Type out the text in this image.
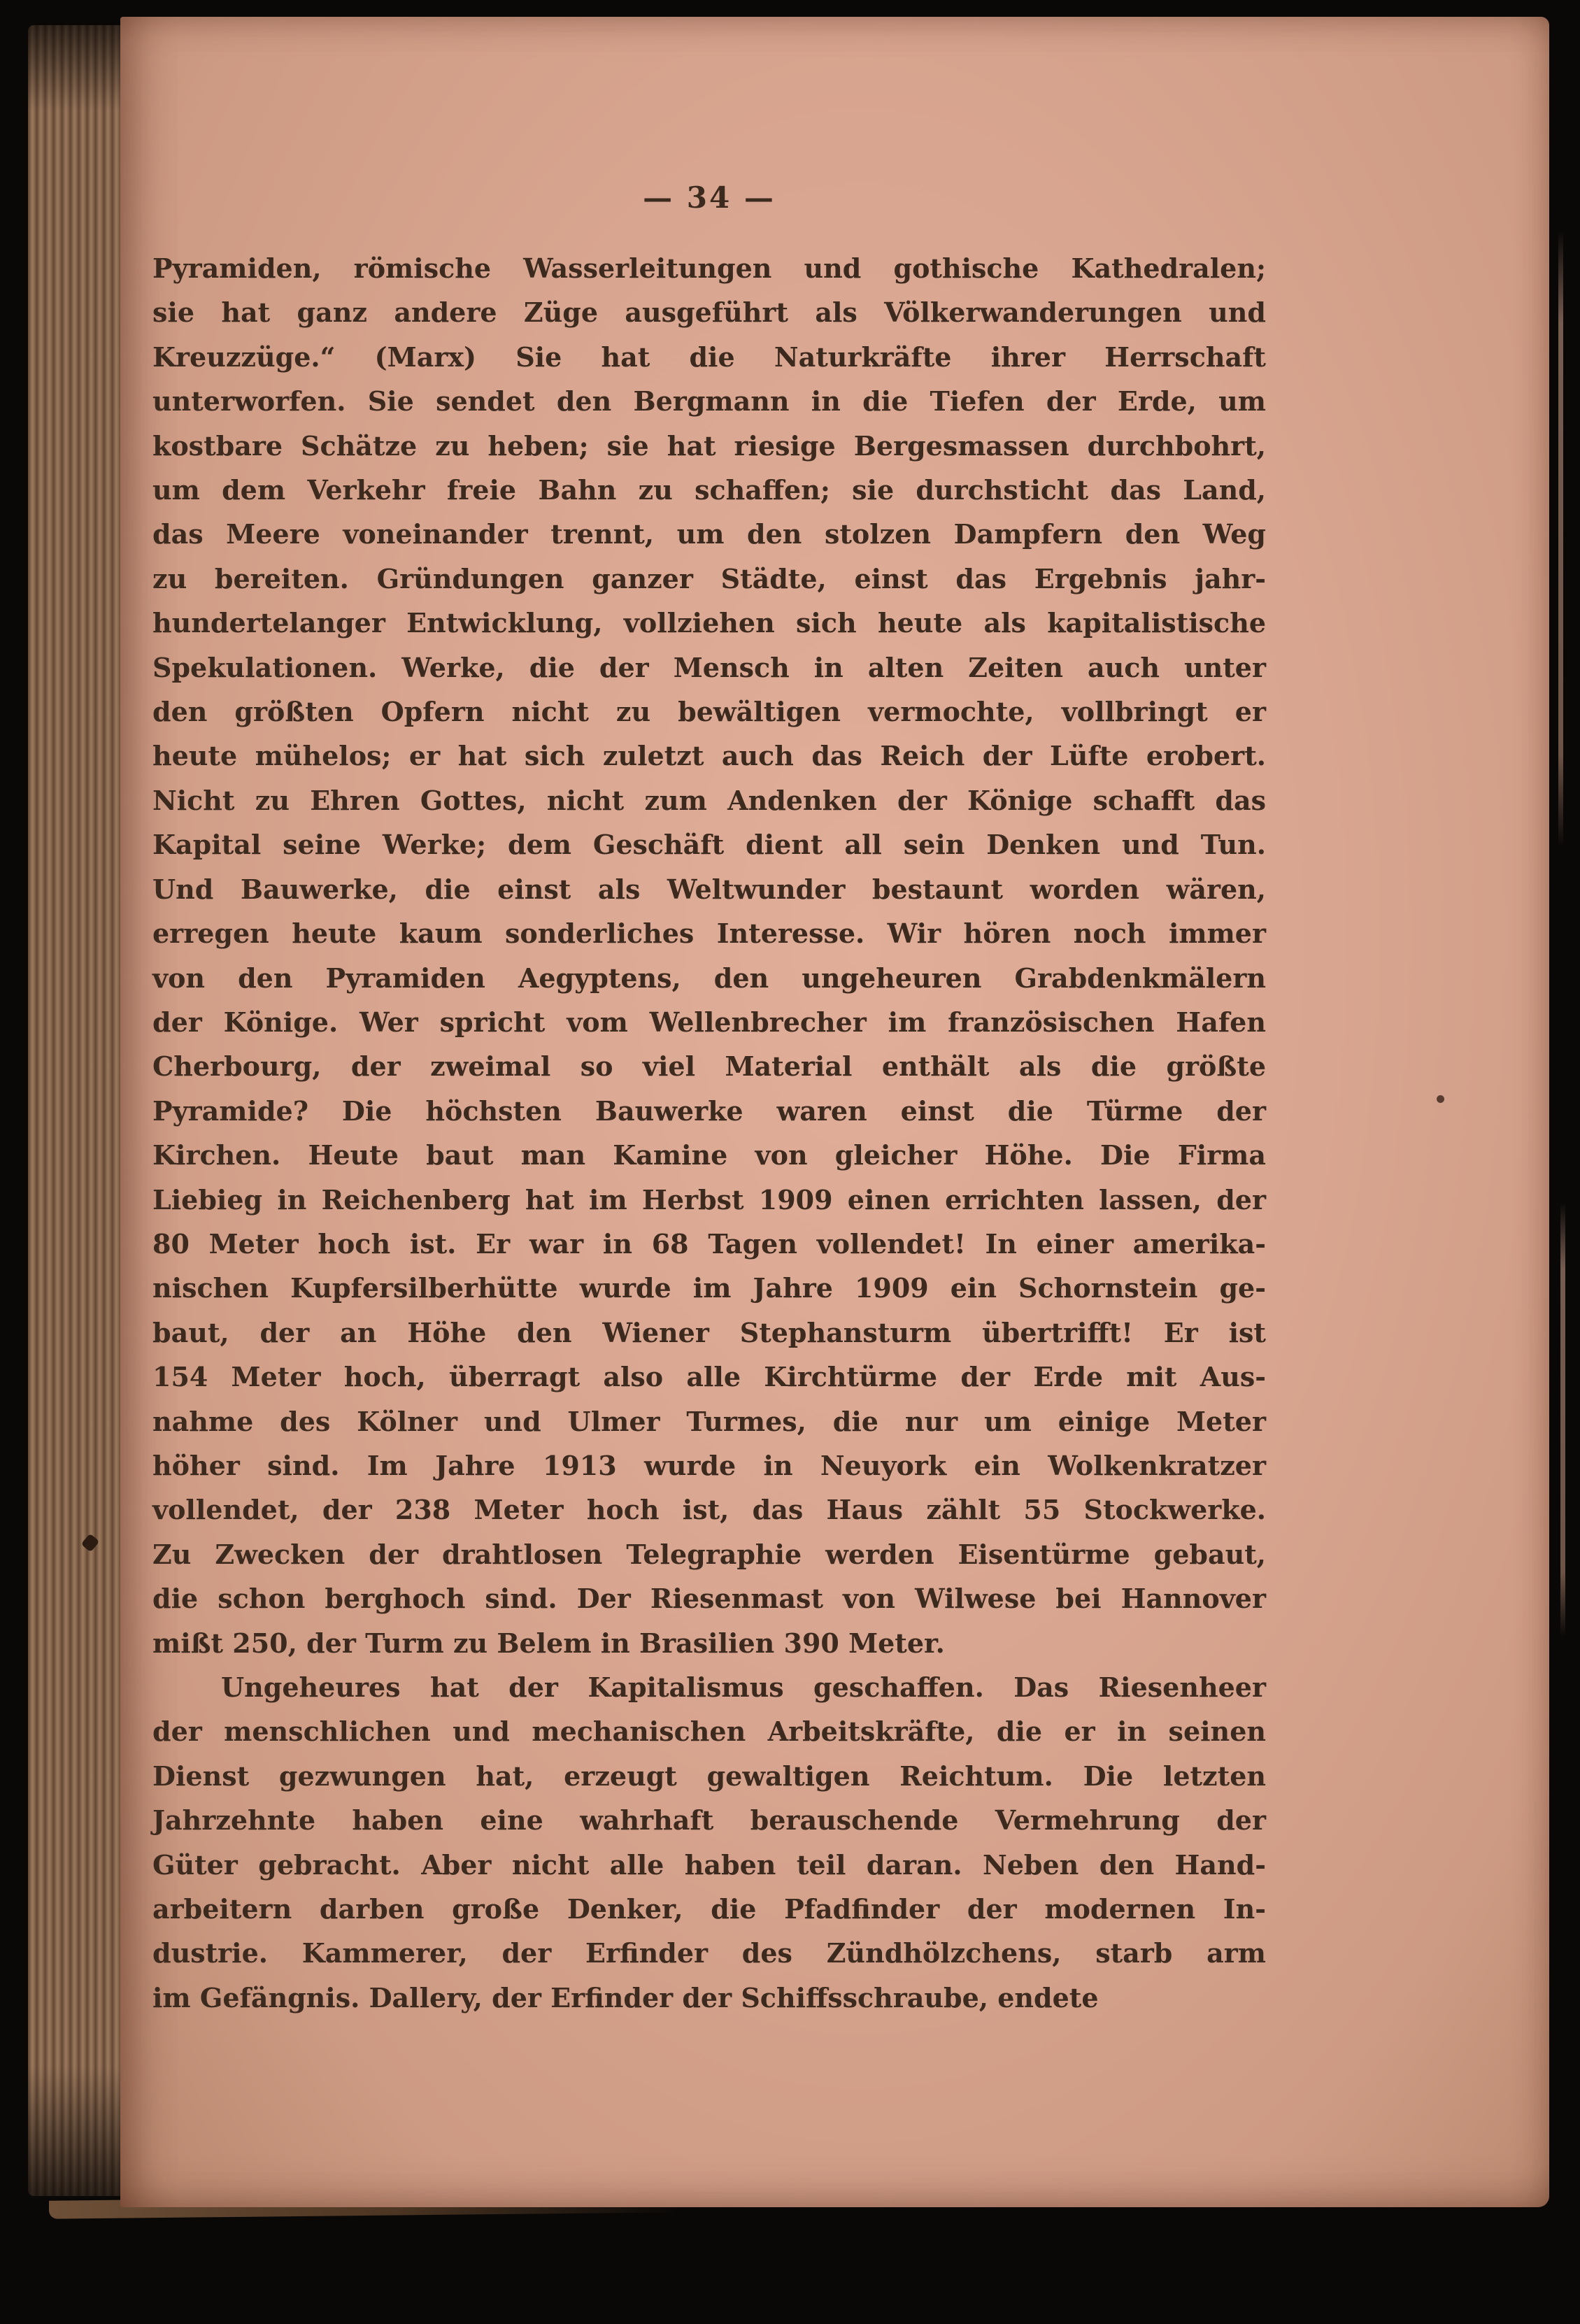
— 34 —
Pyramiden, römische Wasserleitungen und gothische Kathedralen;
sie hat ganz andere Züge ausgeführt als Völkerwanderungen und
Kreuzzüge.“ (Marx) Sie hat die Naturkräfte ihrer Herrschaft
unterworfen. Sie sendet den Bergmann in die Tiefen der Erde, um
kostbare Schätze zu heben; sie hat riesige Bergesmassen durchbohrt,
um dem Verkehr freie Bahn zu schaffen; sie durchsticht das Land,
das Meere voneinander trennt, um den stolzen Dampfern den Weg
zu bereiten. Gründungen ganzer Städte, einst das Ergebnis jahr-
hundertelanger Entwicklung, vollziehen sich heute als kapitalistische
Spekulationen. Werke, die der Mensch in alten Zeiten auch unter
den größten Opfern nicht zu bewältigen vermochte, vollbringt er
heute mühelos; er hat sich zuletzt auch das Reich der Lüfte erobert.
Nicht zu Ehren Gottes, nicht zum Andenken der Könige schafft das
Kapital seine Werke; dem Geschäft dient all sein Denken und Tun.
Und Bauwerke, die einst als Weltwunder bestaunt worden wären,
erregen heute kaum sonderliches Interesse. Wir hören noch immer
von den Pyramiden Aegyptens, den ungeheuren Grabdenkmälern
der Könige. Wer spricht vom Wellenbrecher im französischen Hafen
Cherbourg, der zweimal so viel Material enthält als die größte
Pyramide? Die höchsten Bauwerke waren einst die Türme der
Kirchen. Heute baut man Kamine von gleicher Höhe. Die Firma
Liebieg in Reichenberg hat im Herbst 1909 einen errichten lassen, der
80 Meter hoch ist. Er war in 68 Tagen vollendet! In einer amerika-
nischen Kupfersilberhütte wurde im Jahre 1909 ein Schornstein ge-
baut, der an Höhe den Wiener Stephansturm übertrifft! Er ist
154 Meter hoch, überragt also alle Kirchtürme der Erde mit Aus-
nahme des Kölner und Ulmer Turmes, die nur um einige Meter
höher sind. Im Jahre 1913 wurde in Neuyork ein Wolkenkratzer
vollendet, der 238 Meter hoch ist, das Haus zählt 55 Stockwerke.
Zu Zwecken der drahtlosen Telegraphie werden Eisentürme gebaut,
die schon berghoch sind. Der Riesenmast von Wilwese bei Hannover
mißt 250, der Turm zu Belem in Brasilien 390 Meter.
Ungeheures hat der Kapitalismus geschaffen. Das Riesenheer
der menschlichen und mechanischen Arbeitskräfte, die er in seinen
Dienst gezwungen hat, erzeugt gewaltigen Reichtum. Die letzten
Jahrzehnte haben eine wahrhaft berauschende Vermehrung der
Güter gebracht. Aber nicht alle haben teil daran. Neben den Hand-
arbeitern darben große Denker, die Pfadfinder der modernen In-
dustrie. Kammerer, der Erfinder des Zündhölzchens, starb arm
im Gefängnis. Dallery, der Erfinder der Schiffsschraube, endete
